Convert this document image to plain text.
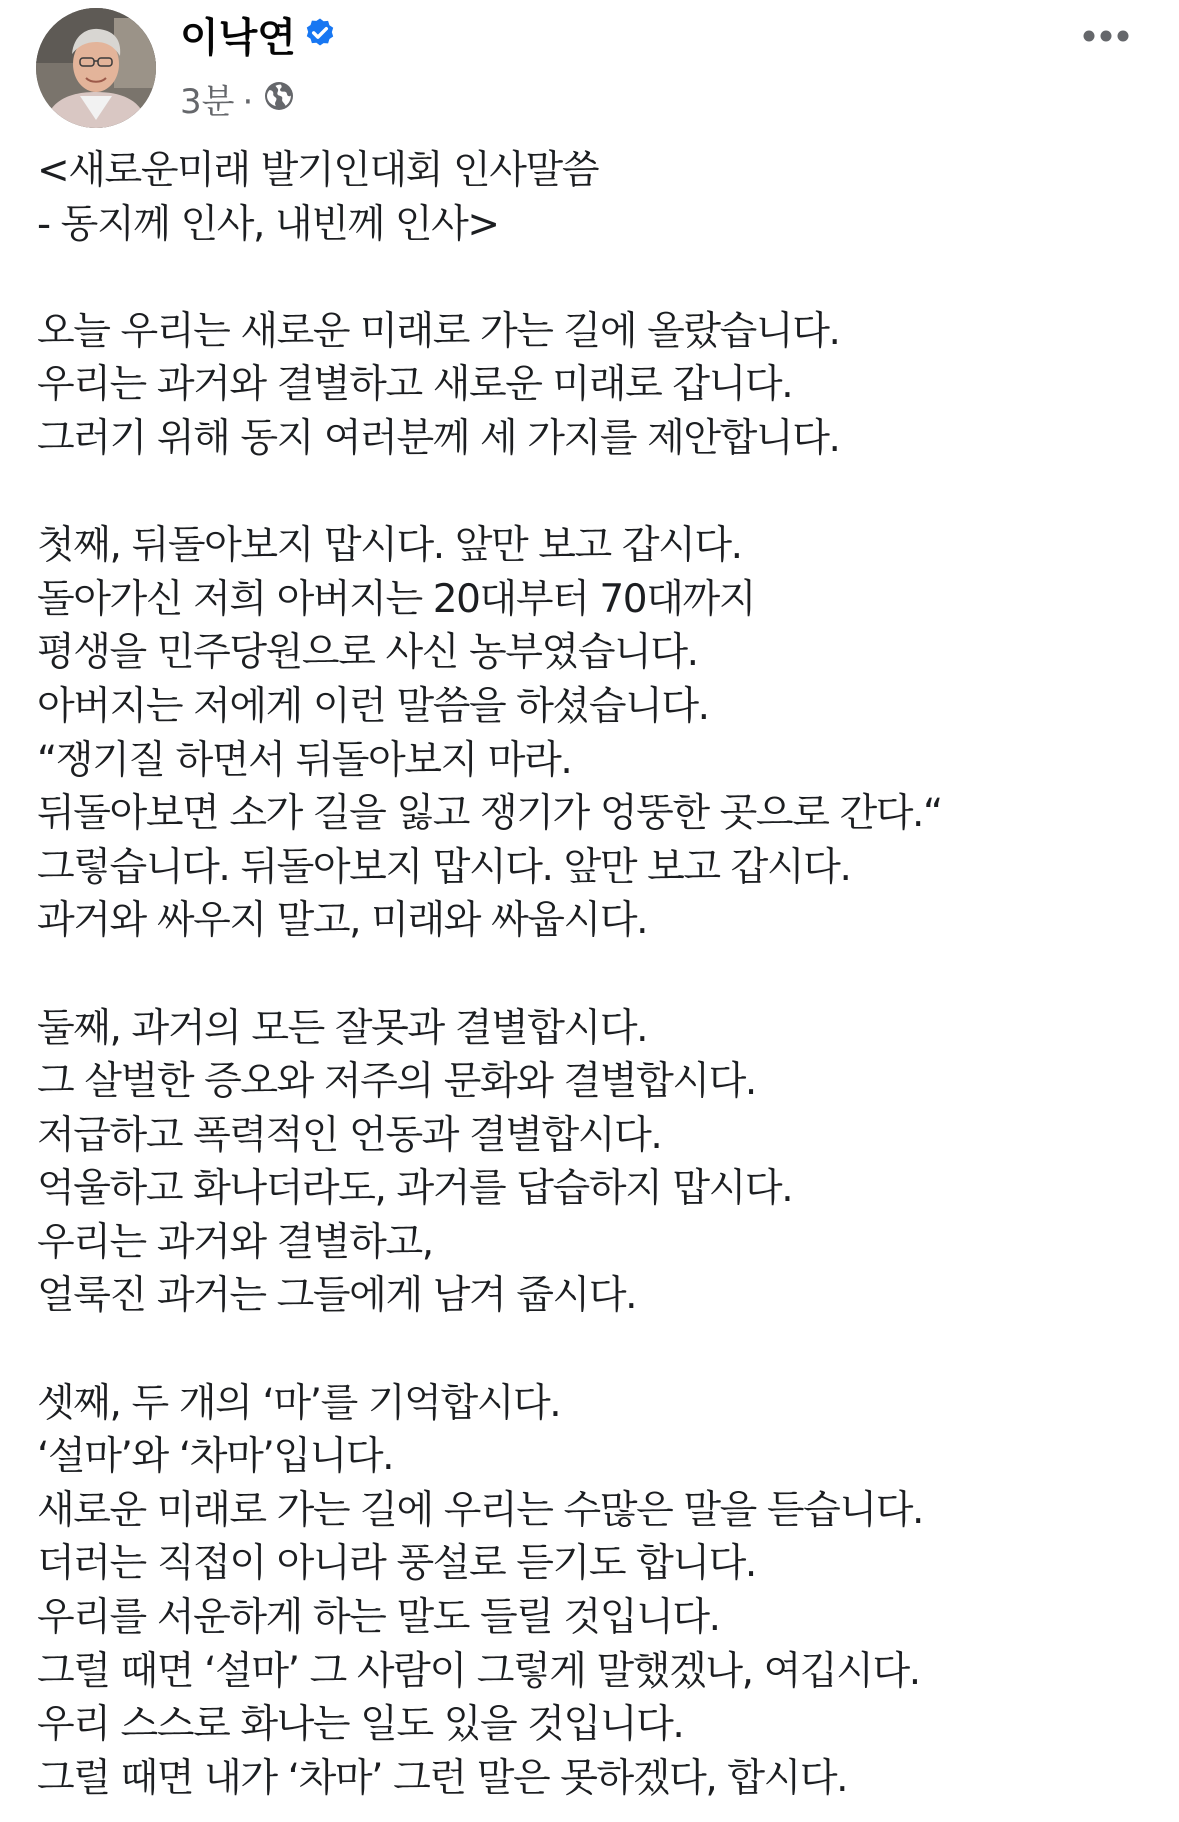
이낙연
3분 ·
<새로운미래 발기인대회 인사말씀
- 동지께 인사, 내빈께 인사>
오늘 우리는 새로운 미래로 가는 길에 올랐습니다.
우리는 과거와 결별하고 새로운 미래로 갑니다.
그러기 위해 동지 여러분께 세 가지를 제안합니다.
첫째, 뒤돌아보지 맙시다. 앞만 보고 갑시다.
돌아가신 저희 아버지는 20대부터 70대까지
평생을 민주당원으로 사신 농부였습니다.
아버지는 저에게 이런 말씀을 하셨습니다.
“쟁기질 하면서 뒤돌아보지 마라.
뒤돌아보면 소가 길을 잃고 쟁기가 엉뚱한 곳으로 간다.“
그렇습니다. 뒤돌아보지 맙시다. 앞만 보고 갑시다.
과거와 싸우지 말고, 미래와 싸웁시다.
둘째, 과거의 모든 잘못과 결별합시다.
그 살벌한 증오와 저주의 문화와 결별합시다.
저급하고 폭력적인 언동과 결별합시다.
억울하고 화나더라도, 과거를 답습하지 맙시다.
우리는 과거와 결별하고,
얼룩진 과거는 그들에게 남겨 줍시다.
셋째, 두 개의 ‘마’를 기억합시다.
‘설마’와 ‘차마’입니다.
새로운 미래로 가는 길에 우리는 수많은 말을 듣습니다.
더러는 직접이 아니라 풍설로 듣기도 합니다.
우리를 서운하게 하는 말도 들릴 것입니다.
그럴 때면 ‘설마’ 그 사람이 그렇게 말했겠나, 여깁시다.
우리 스스로 화나는 일도 있을 것입니다.
그럴 때면 내가 ‘차마’ 그런 말은 못하겠다, 합시다.
